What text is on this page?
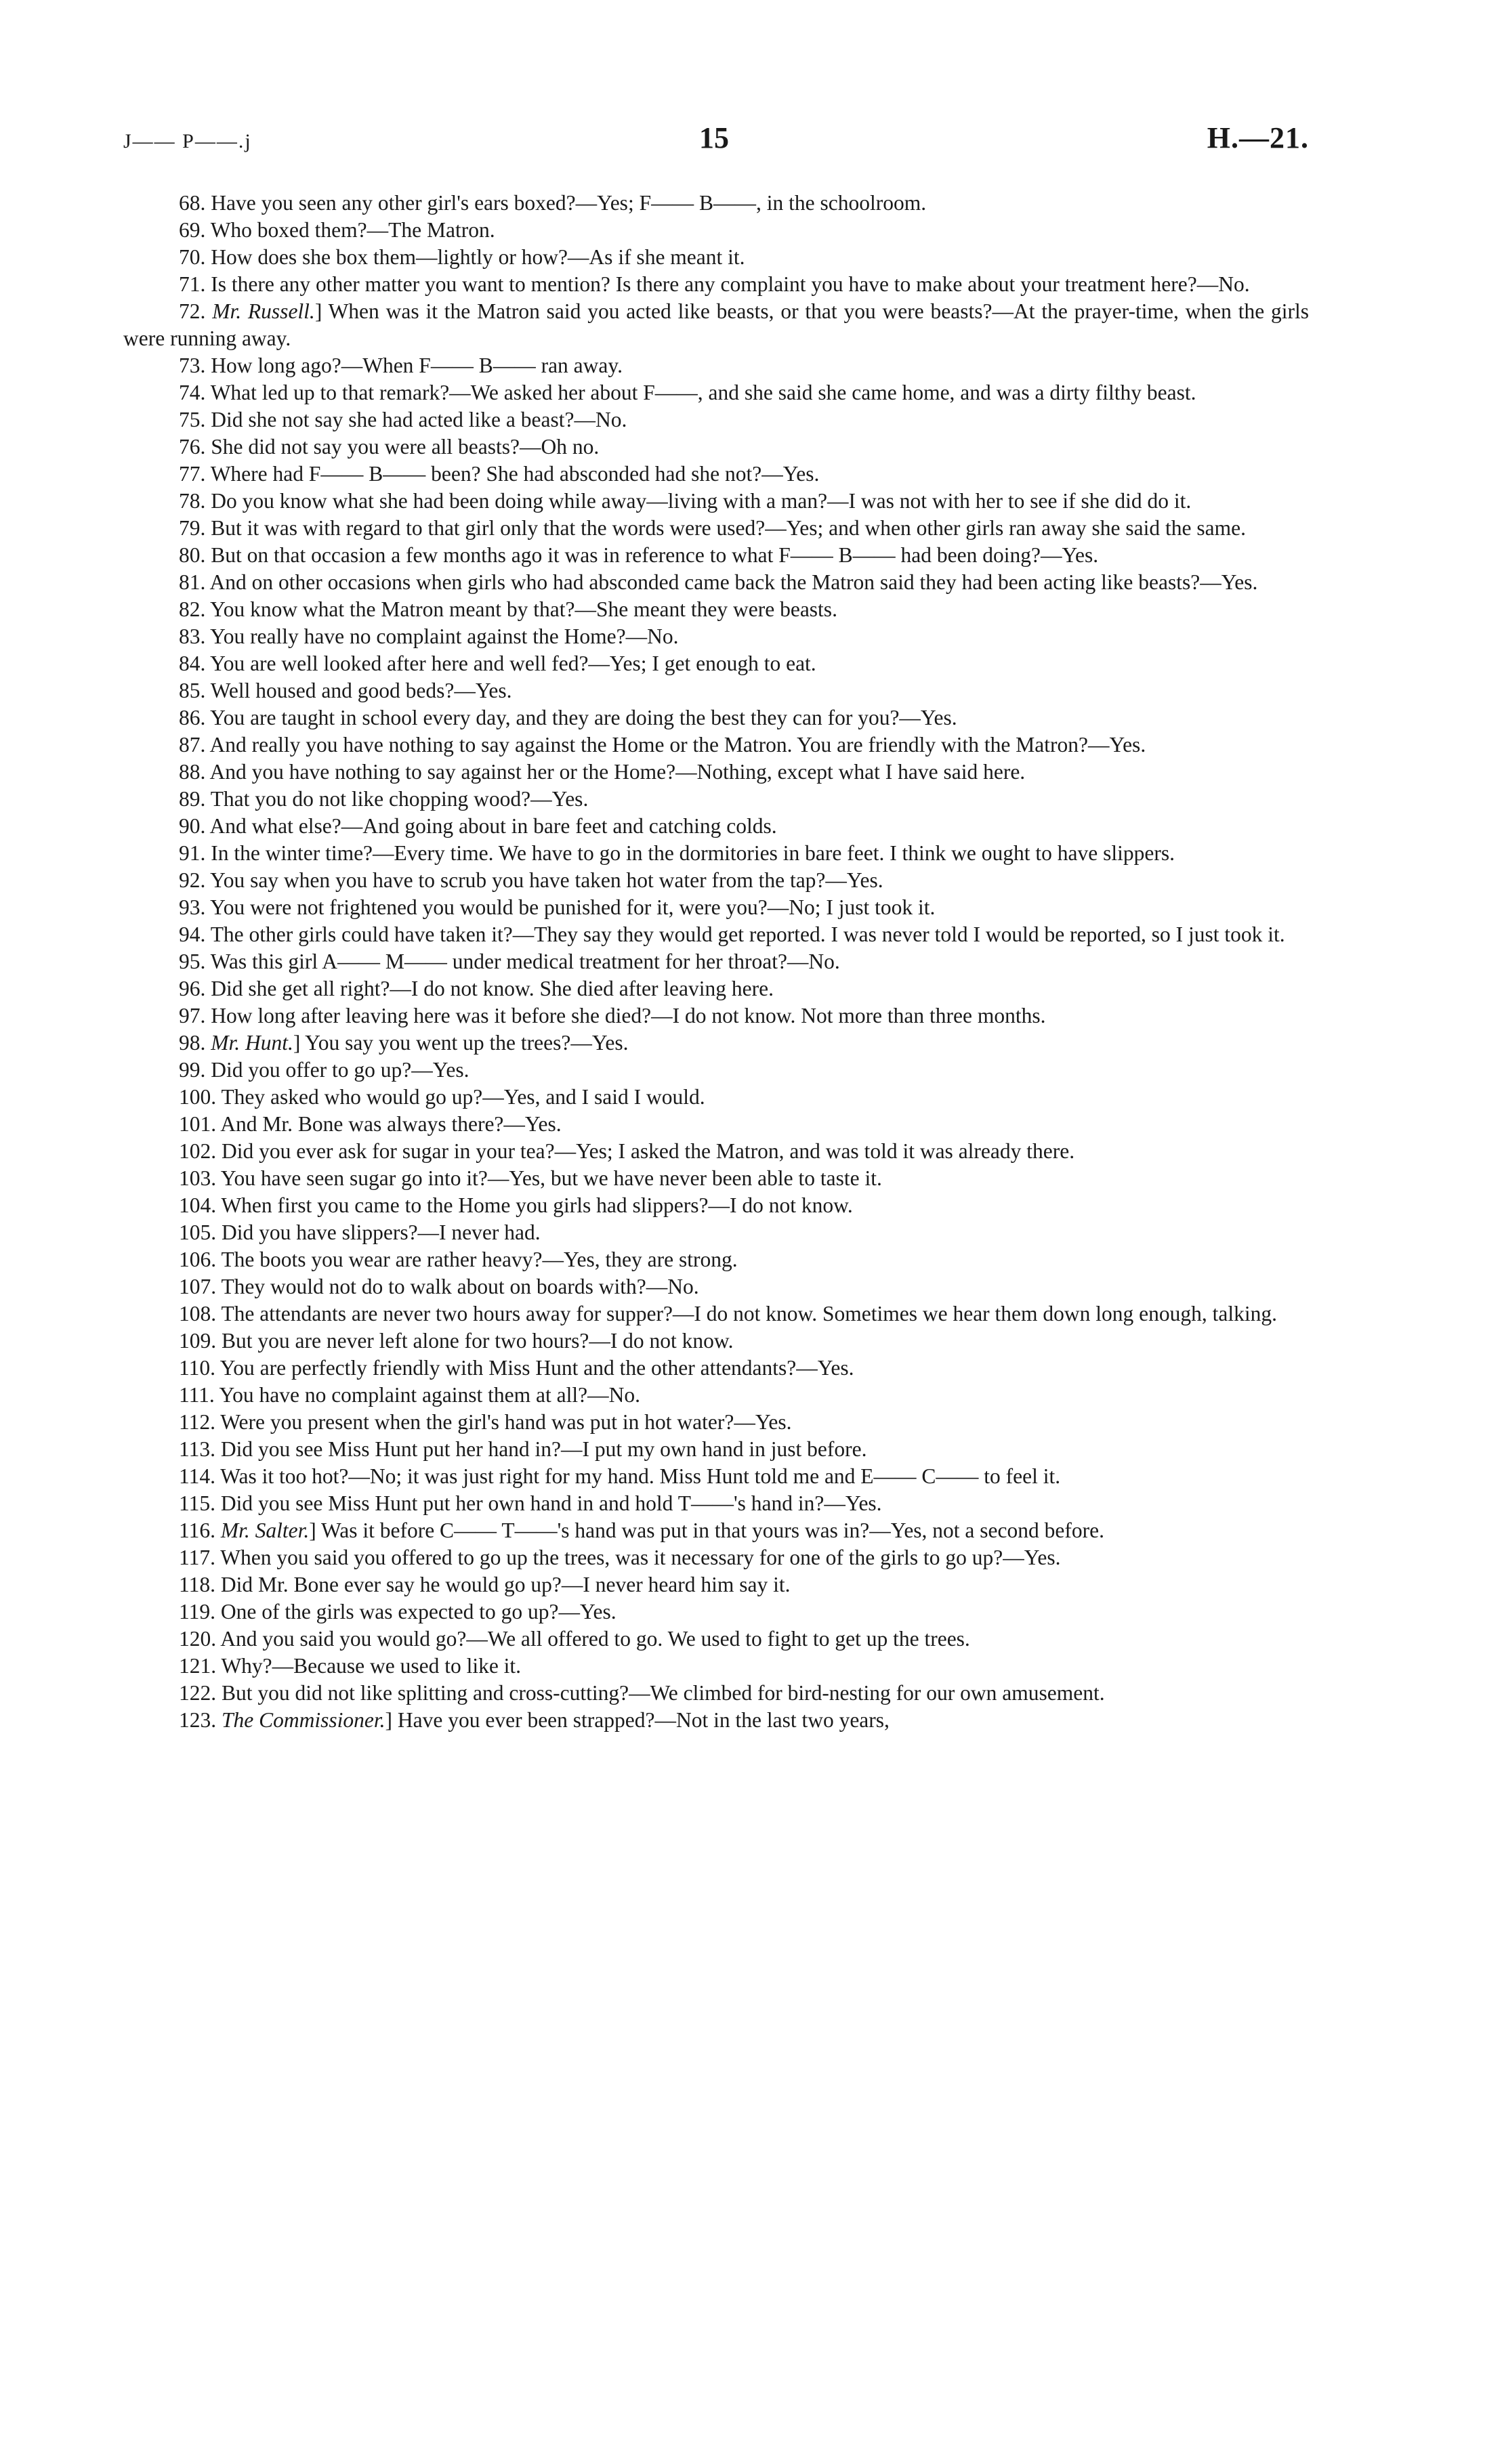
J—— P——.j	15	H.—21.

68 . Have you seen any other girl's ears boxed?—Yes; F—— B——, in the schoolroom.

69 . Who boxed them?—The Matron.

70 . How does she box them—lightly or how?—As if she meant it.

71 . Is there any other matter you want to mention? Is there any complaint you have to make about your treatment here?—No.

72 . Mr. Russell. ] When was it the Matron said you acted like beasts, or that you were beasts?—At the prayer-time, when the girls were running away.

73 . How long ago?—When F—— B—— ran away.

74 . What led up to that remark?—We asked her about F——, and she said she came home, and was a dirty filthy beast.

75 . Did she not say she had acted like a beast?—No.

76 . She did not say you were all beasts?—Oh no.

77 . Where had F—— B—— been? She had absconded had she not?—Yes.

78 . Do you know what she had been doing while away—living with a man?—I was not with her to see if she did do it.

79 . But it was with regard to that girl only that the words were used?—Yes; and when other girls ran away she said the same.

80 . But on that occasion a few months ago it was in reference to what F—— B—— had been doing?—Yes.

81 . And on other occasions when girls who had absconded came back the Matron said they had been acting like beasts?—Yes.

82 . You know what the Matron meant by that?—She meant they were beasts.

83 . You really have no complaint against the Home?—No.

84 . You are well looked after here and well fed?—Yes; I get enough to eat.

85 . Well housed and good beds?—Yes.

86 . You are taught in school every day, and they are doing the best they can for you?—Yes.

87 . And really you have nothing to say against the Home or the Matron. You are friendly with the Matron?—Yes.

88 . And you have nothing to say against her or the Home?—Nothing, except what I have said here.

89 . That you do not like chopping wood?—Yes.

90 . And what else?—And going about in bare feet and catching colds.

91 . In the winter time?—Every time. We have to go in the dormitories in bare feet. I think we ought to have slippers.

92 . You say when you have to scrub you have taken hot water from the tap?—Yes.

93 . You were not frightened you would be punished for it, were you?—No; I just took it.

94 . The other girls could have taken it?—They say they would get reported. I was never told I would be reported, so I just took it.

95 . Was this girl A—— M—— under medical treatment for her throat?—No.

96 . Did she get all right?—I do not know. She died after leaving here.

97 . How long after leaving here was it before she died?—I do not know. Not more than three months.

98 . Mr. Hunt. ] You say you went up the trees?—Yes.

99 . Did you offer to go up?—Yes.

100 . They asked who would go up?—Yes, and I said I would.

101 . And Mr. Bone was always there?—Yes.

102 . Did you ever ask for sugar in your tea?—Yes; I asked the Matron, and was told it was already there.

103 . You have seen sugar go into it?—Yes, but we have never been able to taste it.

104 . When first you came to the Home you girls had slippers?—I do not know.

105 . Did you have slippers?—I never had.

106 . The boots you wear are rather heavy?—Yes, they are strong.

107 . They would not do to walk about on boards with?—No.

108 . The attendants are never two hours away for supper?—I do not know. Sometimes we hear them down long enough, talking.

109 . But you are never left alone for two hours?—I do not know.

110 . You are perfectly friendly with Miss Hunt and the other attendants?—Yes.

111 . You have no complaint against them at all?—No.

112 . Were you present when the girl's hand was put in hot water?—Yes.

113 . Did you see Miss Hunt put her hand in?—I put my own hand in just before.

114 . Was it too hot?—No; it was just right for my hand. Miss Hunt told me and E—— C—— to feel it.

115 . Did you see Miss Hunt put her own hand in and hold T——'s hand in?—Yes.

116 . Mr. Salter. ] Was it before C—— T——'s hand was put in that yours was in?—Yes, not a second before.

117 . When you said you offered to go up the trees, was it necessary for one of the girls to go up?—Yes.

118 . Did Mr. Bone ever say he would go up?—I never heard him say it.

119 . One of the girls was expected to go up?—Yes.

120 . And you said you would go?—We all offered to go. We used to fight to get up the trees.

121 . Why?—Because we used to like it.

122 . But you did not like splitting and cross-cutting?—We climbed for bird-nesting for our own amusement.

123 . The Commissioner. ] Have you ever been strapped?—Not in the last two years,
